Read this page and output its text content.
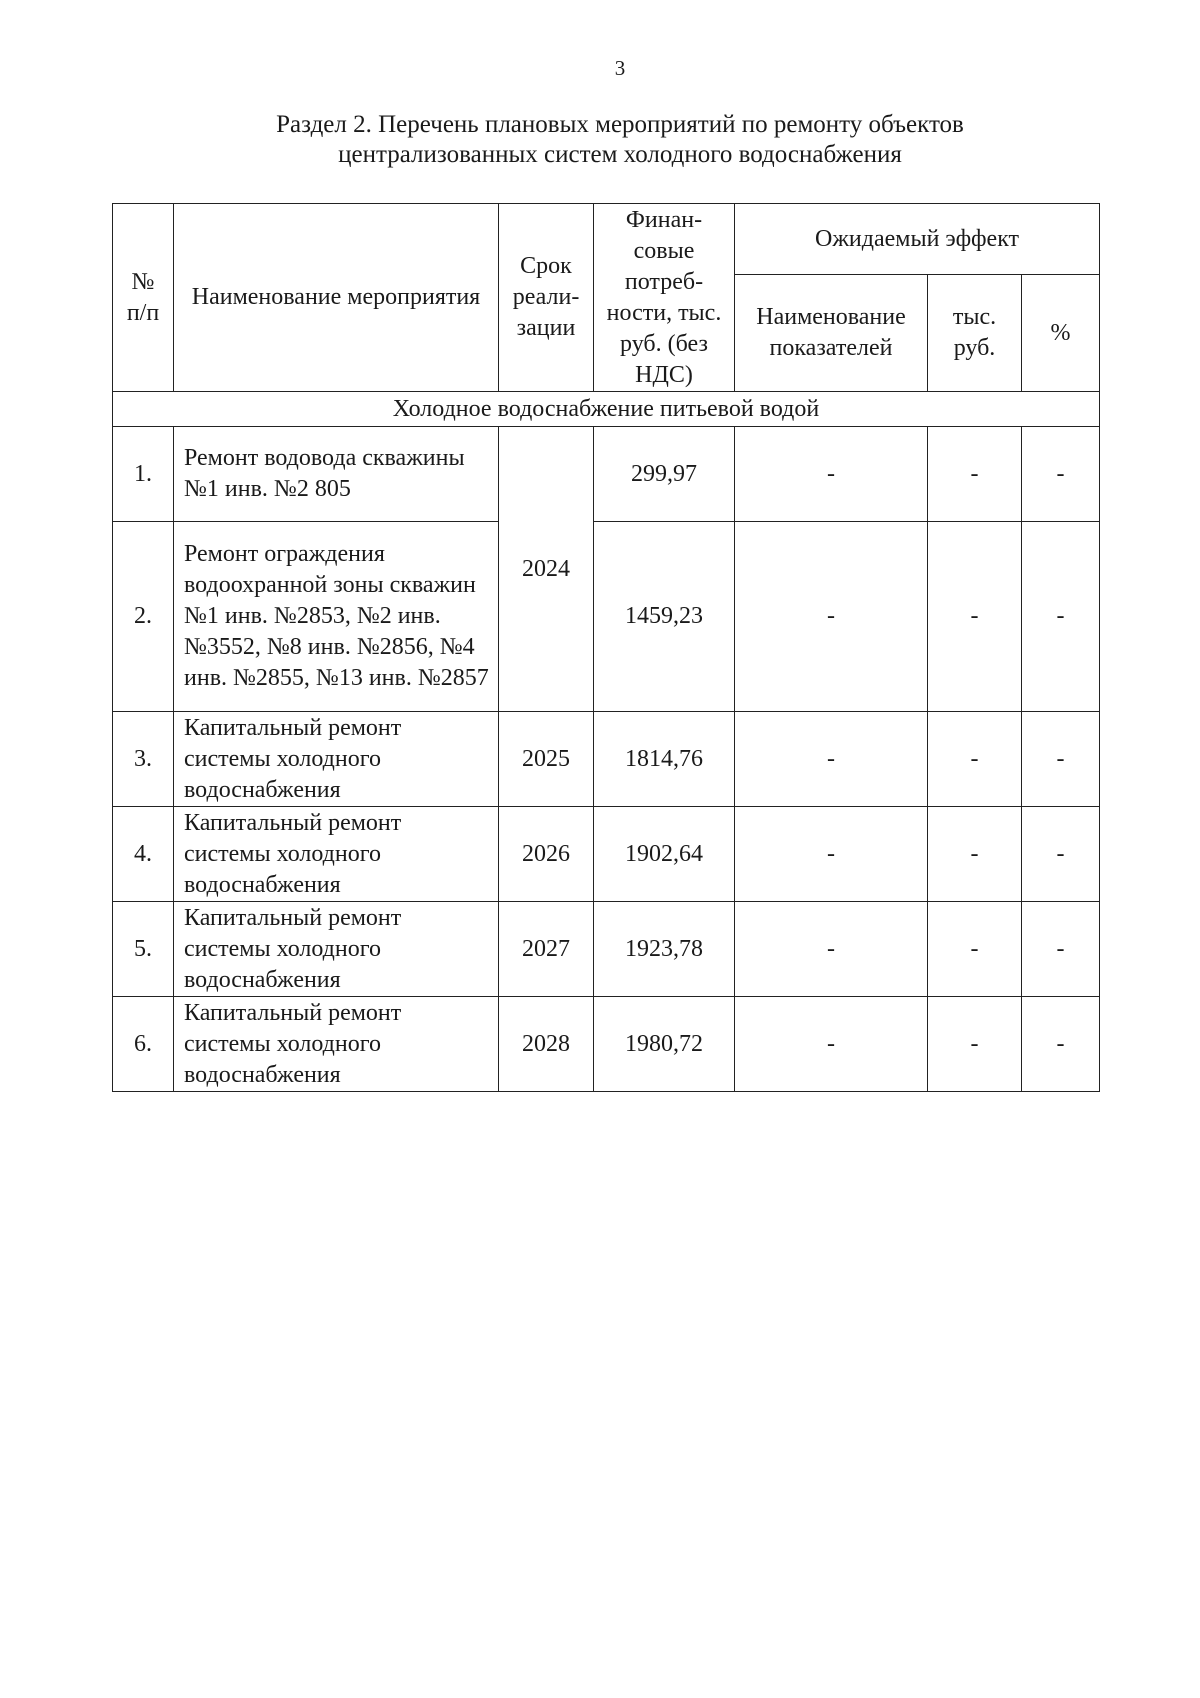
3
Раздел 2. Перечень плановых мероприятий по ремонту объектов
централизованных систем холодного водоснабжения
№ п/п	Наименование мероприятия	Срок реали-зации	Финан-совые потреб-ности, тыс. руб. (без НДС)	Ожидаемый эффект		
				Наименование показателей	тыс. руб.	%
Холодное водоснабжение питьевой водой						
1.	Ремонт водовода скважины №1 инв. №2 805	2024	299,97	-	-	-
2.	Ремонт ограждения водоохранной зоны скважин №1 инв. №2853, №2 инв. №3552, №8 инв. №2856, №4 инв. №2855, №13 инв. №2857		1459,23	-	-	-
3.	Капитальный ремонт системы холодного водоснабжения	2025	1814,76	-	-	-
4.	Капитальный ремонт системы холодного водоснабжения	2026	1902,64	-	-	-
5.	Капитальный ремонт системы холодного водоснабжения	2027	1923,78	-	-	-
6.	Капитальный ремонт системы холодного водоснабжения	2028	1980,72	-	-	-
